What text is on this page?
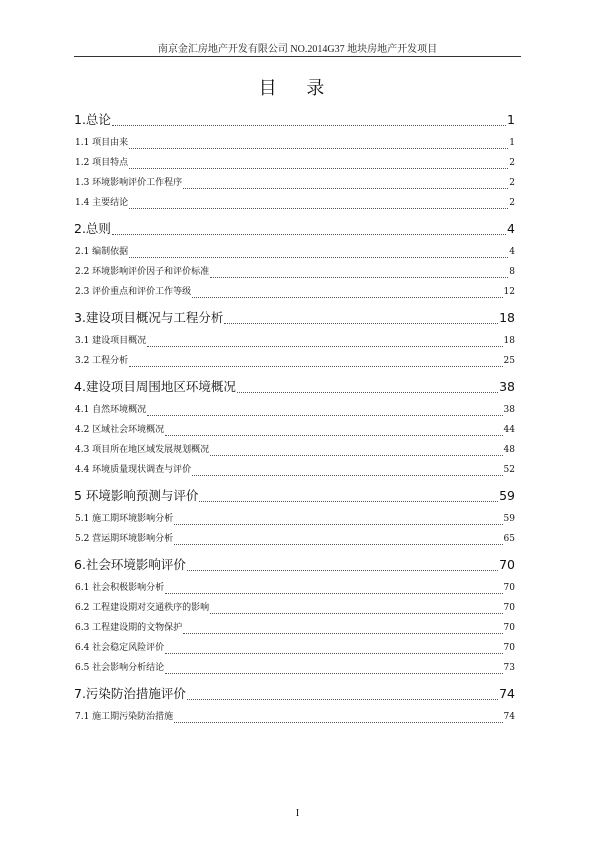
南京金汇房地产开发有限公司 NO.2014G37 地块房地产开发项目
目 录
1.总论	1
1.1 项目由来	1
1.2 项目特点	2
1.3 环境影响评价工作程序	2
1.4 主要结论	2
2.总则	4
2.1 编制依据	4
2.2 环境影响评价因子和评价标准	8
2.3 评价重点和评价工作等级	12
3.建设项目概况与工程分析	18
3.1 建设项目概况	18
3.2 工程分析	25
4.建设项目周围地区环境概况	38
4.1 自然环境概况	38
4.2 区域社会环境概况	44
4.3 项目所在地区域发展规划概况	48
4.4 环境质量现状调查与评价	52
5 环境影响预测与评价	59
5.1 施工期环境影响分析	59
5.2 营运期环境影响分析	65
6.社会环境影响评价	70
6.1 社会积极影响分析	70
6.2 工程建设期对交通秩序的影响	70
6.3 工程建设期的文物保护	70
6.4 社会稳定风险评价	70
6.5 社会影响分析结论	73
7.污染防治措施评价	74
7.1 施工期污染防治措施	74
I
